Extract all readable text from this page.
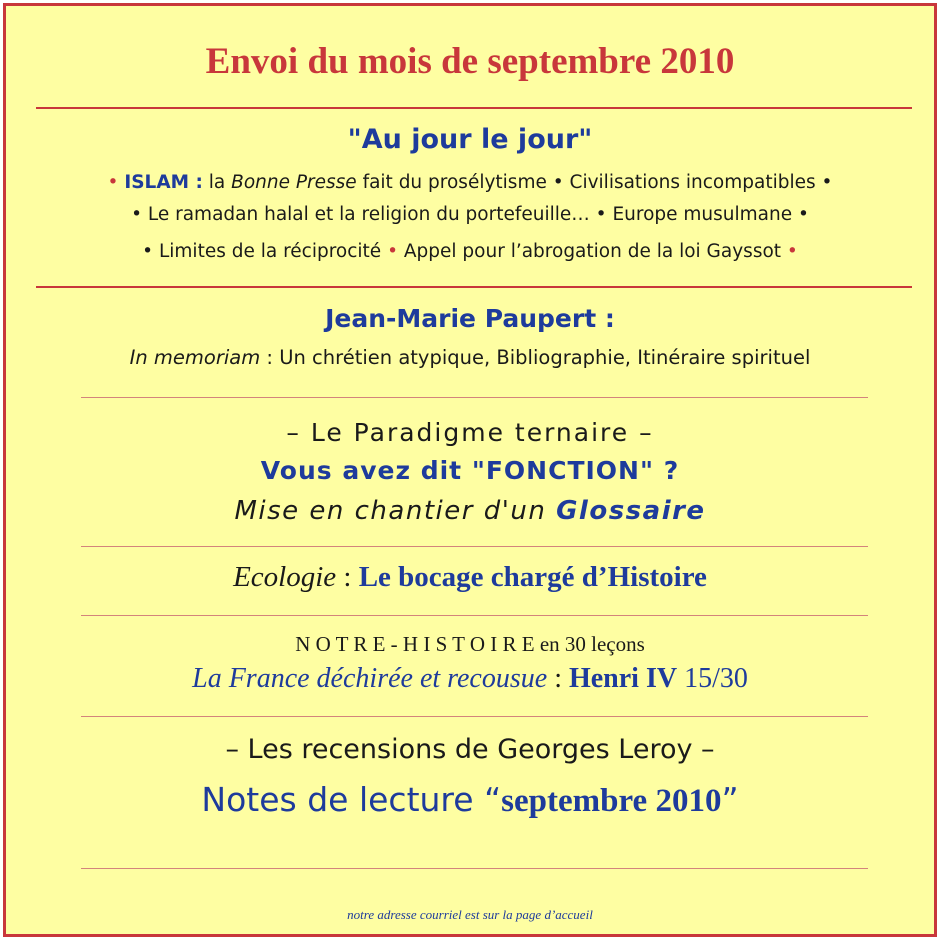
Envoi du mois de septembre 2010
"Au jour le jour"
• ISLAM : la Bonne Presse fait du prosélytisme • Civilisations incompatibles •
• Le ramadan halal et la religion du portefeuille… • Europe musulmane •
• Limites de la réciprocité • Appel pour l’abrogation de la loi Gayssot •
Jean-Marie Paupert :
In memoriam : Un chrétien atypique, Bibliographie, Itinéraire spirituel
– Le Paradigme ternaire –
Vous avez dit "FONCTION" ?
Mise en chantier d'un Glossaire
Ecologie : Le bocage chargé d’Histoire
N O T R E - H I S T O I R E en 30 leçons
La France déchirée et recousue : Henri IV 15/30
– Les recensions de Georges Leroy –
Notes de lecture “septembre 2010”
notre adresse courriel est sur la page d’accueil
